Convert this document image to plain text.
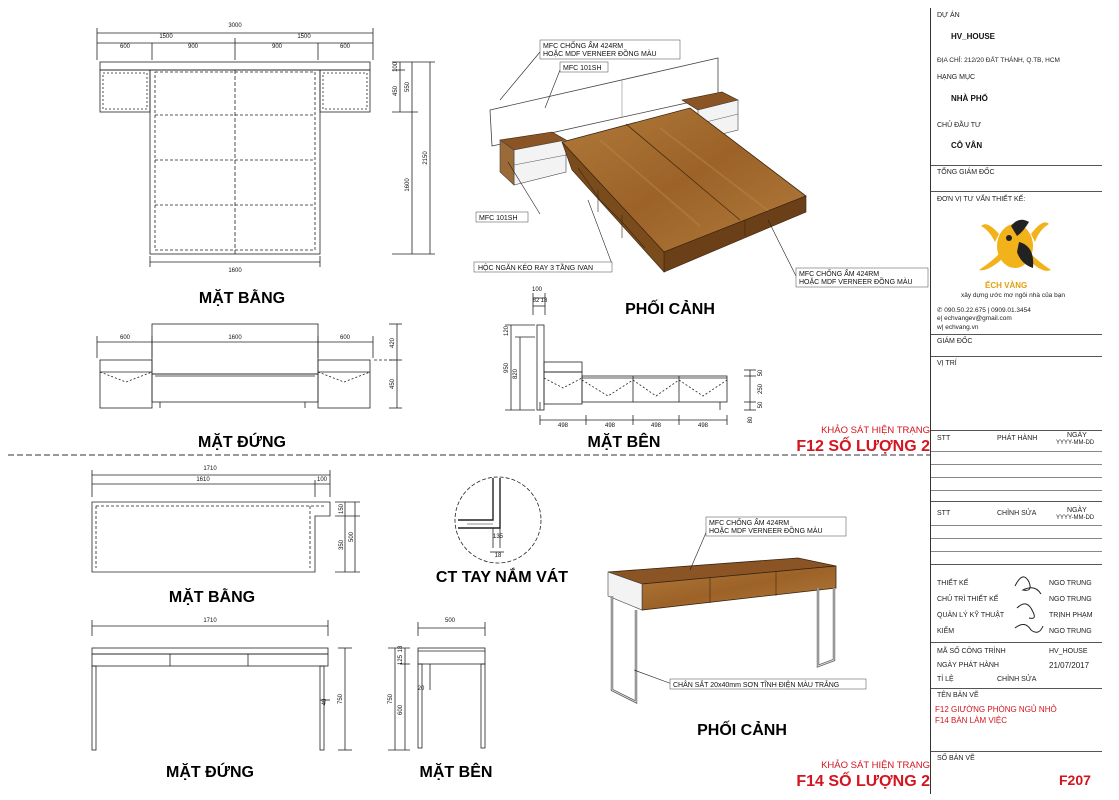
3000
1500	1500
600	900	900	600
1600
100
450 550
1600
2150
MẶT BẰNG
600	1600	600	420
450
MẶT ĐỨNG
100
82 18
120
950
820	50
250
50
80
498	498	498	498
MẶT BÊN
MFC CHỐNG ẨM 424RM
HOẶC MDF VERNEER ĐỒNG MÀU
MFC 101SH
MFC 101SH
HỘC NGĂN KÉO RAY 3 TẦNG IVAN
MFC CHỐNG ẨM 424RM
HOẶC MDF VERNEER ĐỒNG MÀU
PHỐI CẢNH
KHẢO SÁT HIỆN TRẠNG
F12 SỐ LƯỢNG 2
1710
1610	100
150
500
350
MẶT BẰNG
135
18
CT TAY NẮM VÁT
1710
750
40
MẶT ĐỨNG
500
18
125
750
600
20
MẶT BÊN
MFC CHỐNG ẨM 424RM
HOẶC MDF VERNEER ĐỒNG MÀU
CHÂN SẮT 20x40mm SƠN TĨNH ĐIỆN MÀU TRẮNG
PHỐI CẢNH
KHẢO SÁT HIỆN TRẠNG
F14 SỐ LƯỢNG 2
DỰ ÁN
HV_HOUSE
ĐỊA CHỈ: 212/20 ĐẤT THÁNH, Q.TB, HCM
HẠNG MỤC
NHÀ PHỐ
CHỦ ĐẦU TƯ
CÔ VÂN
TỔNG GIÁM ĐỐC
ĐƠN VỊ TƯ VẤN THIẾT KẾ:
ẾCH VÀNG
xây dựng ước mơ ngôi nhà của bạn
✆ 090.50.22.675 | 0909.01.3454
e| echvangev@gmail.com
w| echvang.vn
GIÁM ĐỐC
VỊ TRÍ
STT	PHÁT HÀNH	NGÀY
YYYY-MM-DD
STT	CHỈNH SỬA	NGÀY
YYYY-MM-DD
THIẾT KẾ	NGO TRUNG
CHỦ TRÌ THIẾT KẾ	NGO TRUNG
QUẢN LÝ KỸ THUẬT	TRỊNH PHẠM
KIỂM	NGO TRUNG
MÃ SỐ CÔNG TRÌNH	HV_HOUSE
NGÀY PHÁT HÀNH	21/07/2017
TỈ LỆ	CHỈNH SỬA
TÊN BẢN VẼ
F12 GIƯỜNG PHÒNG NGỦ NHỎ
F14 BÀN LÀM VIỆC
SỐ BẢN VẼ
F207
